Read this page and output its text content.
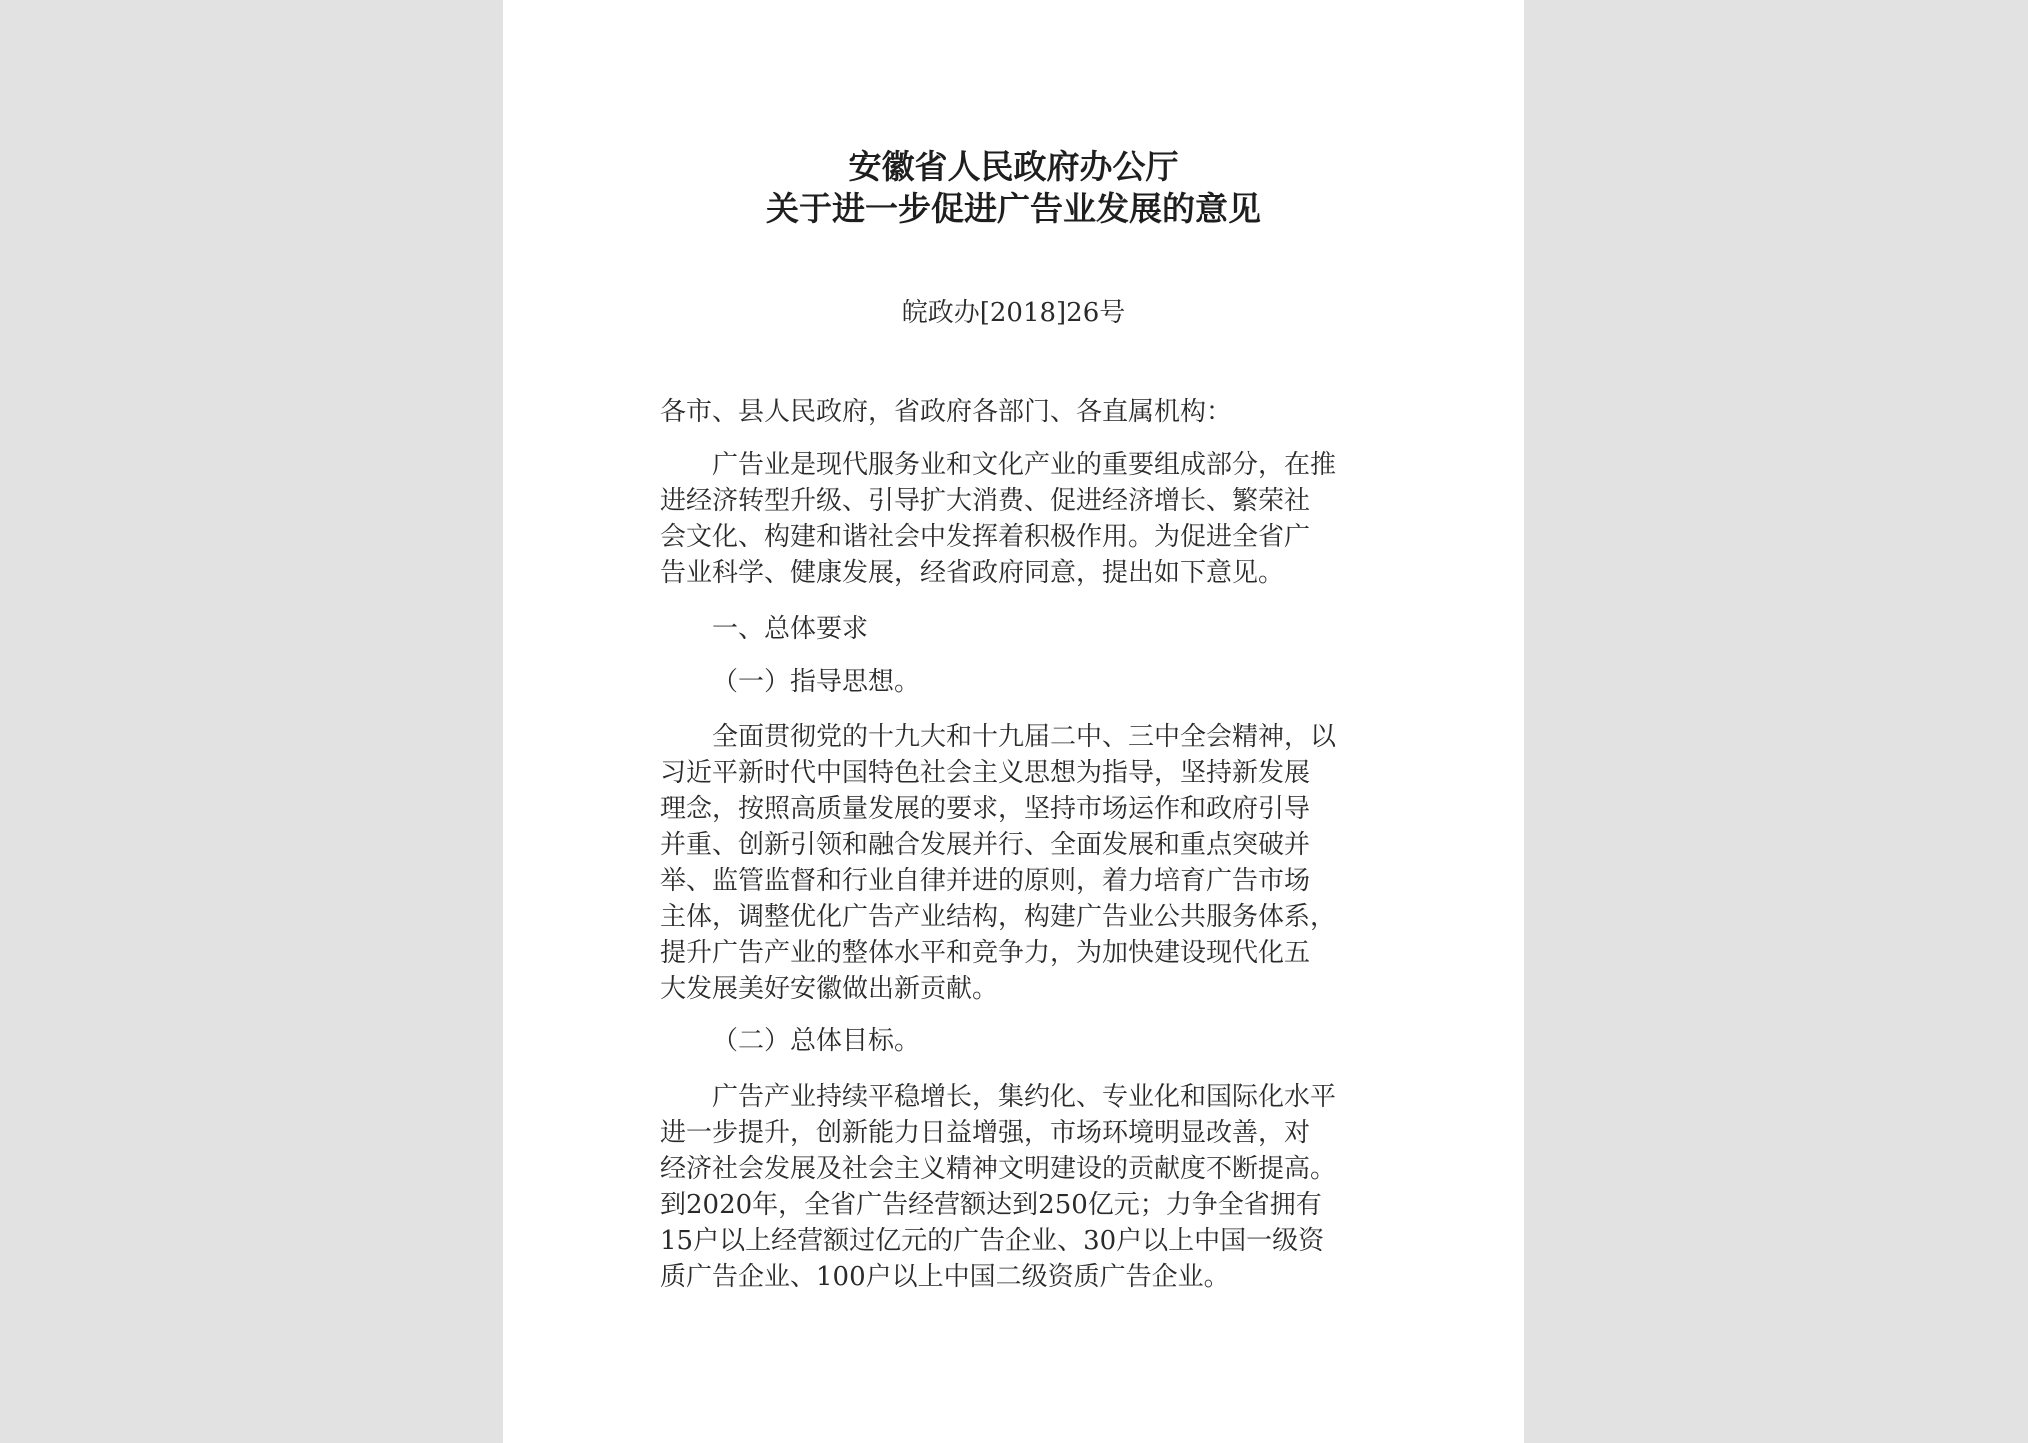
安徽省人民政府办公厅
关于进一步促进广告业发展的意见
皖政办[2018]26号
各市、县人民政府，省政府各部门、各直属机构：
广告业是现代服务业和文化产业的重要组成部分，在推
进经济转型升级、引导扩大消费、促进经济增长、繁荣社
会文化、构建和谐社会中发挥着积极作用。为促进全省广
告业科学、健康发展，经省政府同意，提出如下意见。
一、总体要求
（一）指导思想。
全面贯彻党的十九大和十九届二中、三中全会精神，以
习近平新时代中国特色社会主义思想为指导，坚持新发展
理念，按照高质量发展的要求，坚持市场运作和政府引导
并重、创新引领和融合发展并行、全面发展和重点突破并
举、监管监督和行业自律并进的原则，着力培育广告市场
主体，调整优化广告产业结构，构建广告业公共服务体系，
提升广告产业的整体水平和竞争力，为加快建设现代化五
大发展美好安徽做出新贡献。
（二）总体目标。
广告产业持续平稳增长，集约化、专业化和国际化水平
进一步提升，创新能力日益增强，市场环境明显改善，对
经济社会发展及社会主义精神文明建设的贡献度不断提高。
到2020年，全省广告经营额达到250亿元；力争全省拥有
15户以上经营额过亿元的广告企业、30户以上中国一级资
质广告企业、100户以上中国二级资质广告企业。
